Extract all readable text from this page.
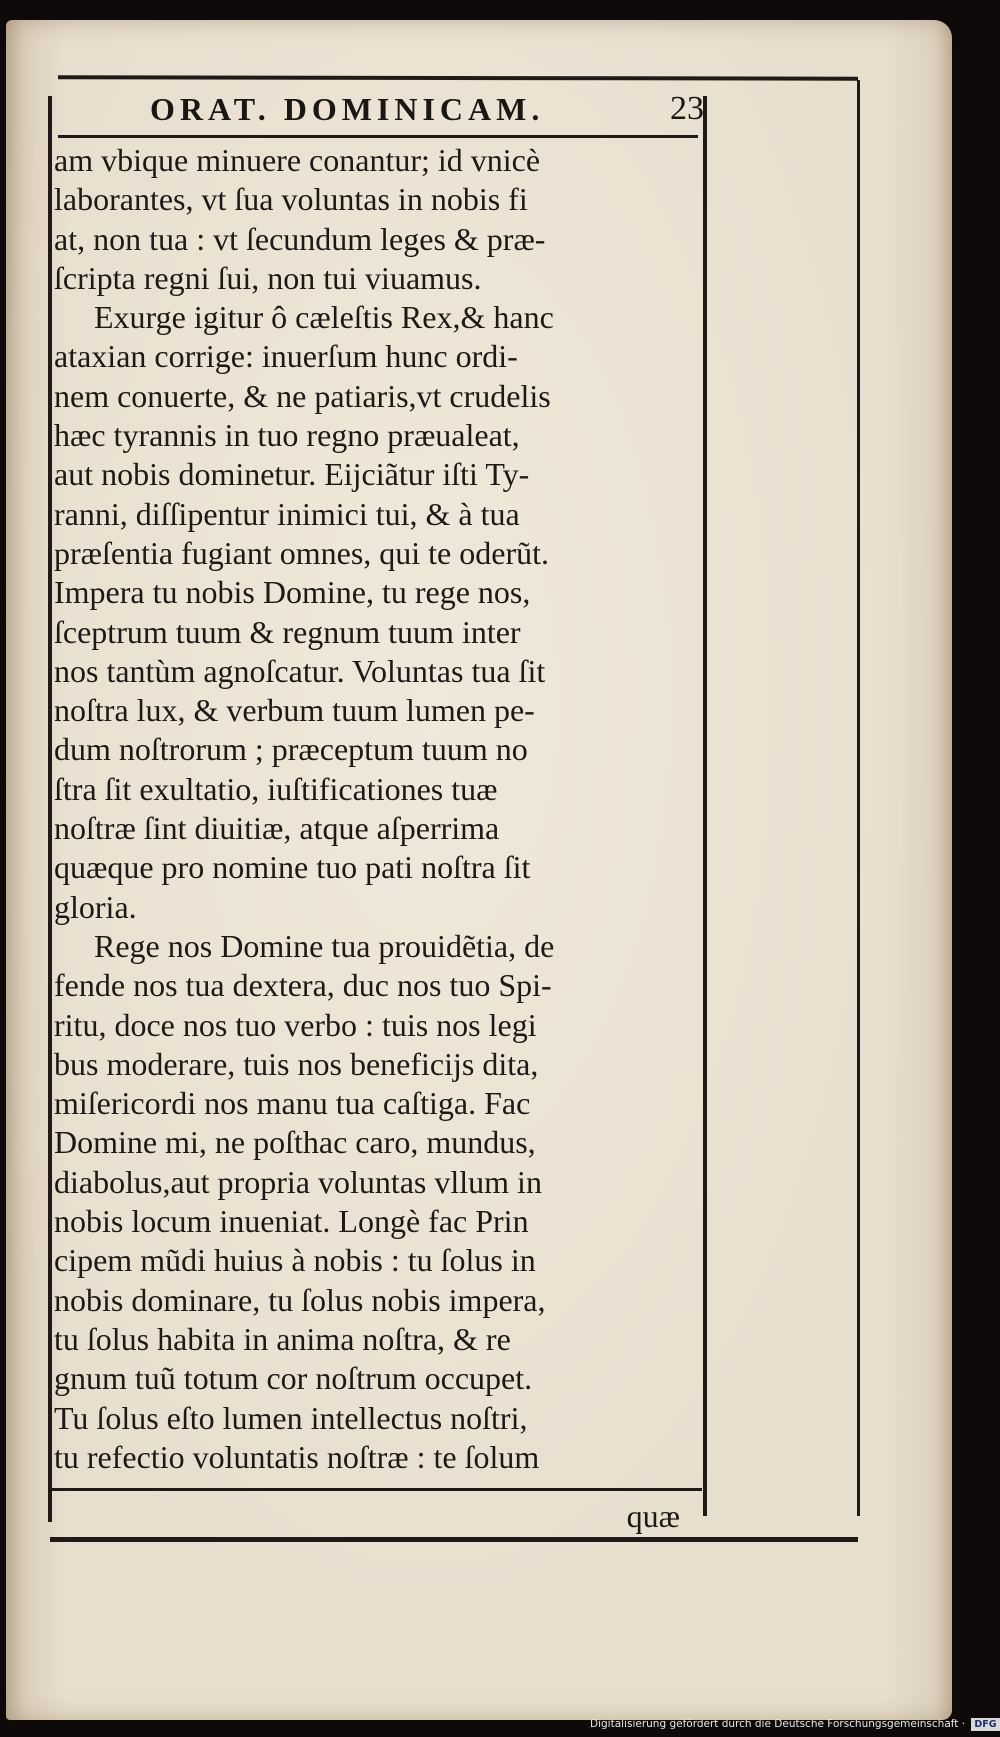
ORAT. DOMINICAM.	23
am vbique minuere conantur; id vnicè
laborantes, vt ſua voluntas in nobis fi
at, non tua : vt ſecundum leges & præ-
ſcripta regni ſui, non tui viuamus.
Exurge igitur ô cæleſtis Rex,& hanc
ataxian corrige: inuerſum hunc ordi-
nem conuerte, & ne patiaris,vt crudelis
hæc tyrannis in tuo regno præualeat,
aut nobis dominetur. Eijciãtur iſti Ty-
ranni, diſſipentur inimici tui, & à tua
præſentia fugiant omnes, qui te oderũt.
Impera tu nobis Domine, tu rege nos,
ſceptrum tuum & regnum tuum inter
nos tantùm agnoſcatur. Voluntas tua ſit
noſtra lux, & verbum tuum lumen pe-
dum noſtrorum ; præceptum tuum no
ſtra ſit exultatio, iuſtificationes tuæ
noſtræ ſint diuitiæ, atque aſperrima
quæque pro nomine tuo pati noſtra ſit
gloria.
Rege nos Domine tua prouidẽtia, de
fende nos tua dextera, duc nos tuo Spi-
ritu, doce nos tuo verbo : tuis nos legi
bus moderare, tuis nos beneficijs dita,
miſericordi nos manu tua caſtiga. Fac
Domine mi, ne poſthac caro, mundus,
diabolus,aut propria voluntas vllum in
nobis locum inueniat. Longè fac Prin
cipem mũdi huius à nobis : tu ſolus in
nobis dominare, tu ſolus nobis impera,
tu ſolus habita in anima noſtra, & re
gnum tuũ totum cor noſtrum occupet.
Tu ſolus eſto lumen intellectus noſtri,
tu refectio voluntatis noſtræ : te ſolum
quæ
Digitalisierung gefördert durch die Deutsche Forschungsgemeinschaft · DFG
